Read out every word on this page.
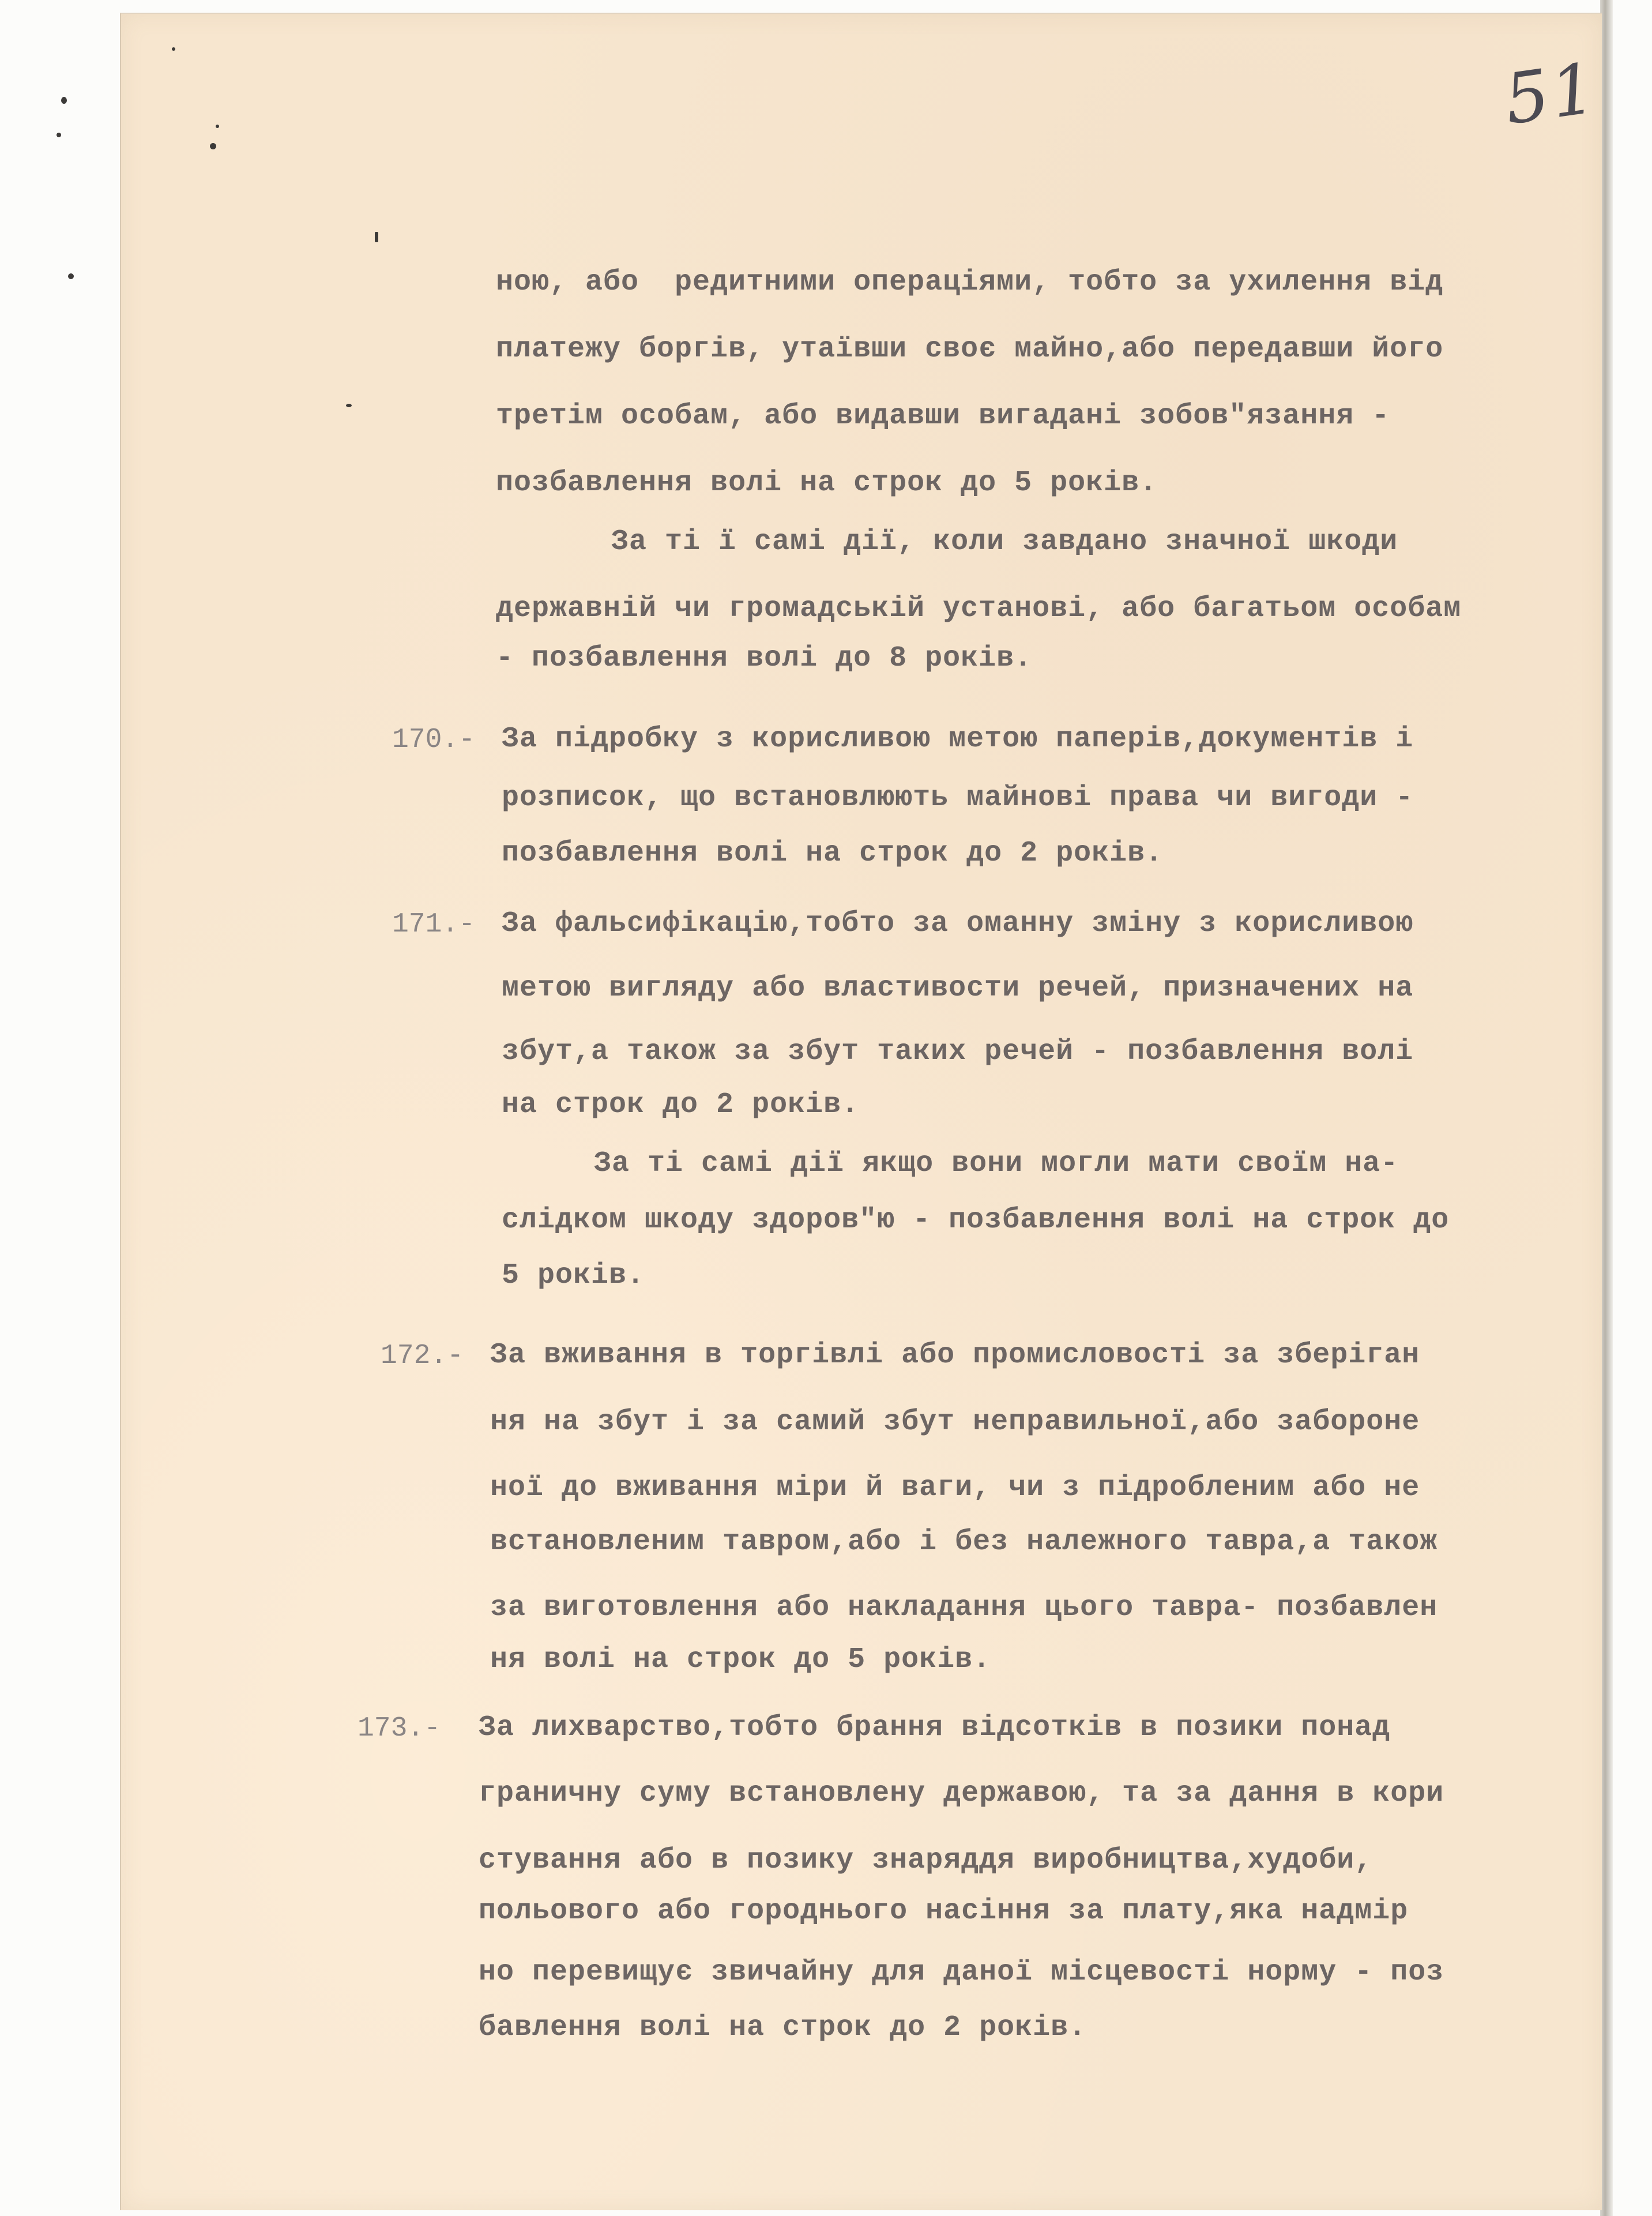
51
ною, або  редитними операціями, тобто за ухилення від
платежу боргів, утаївши своє майно,або передавши його
третім особам, або видавши вигадані зобов"язання -
позбавлення волі на строк до 5 років.
За ті ї самі дії, коли завдано значної шкоди
державній чи громадській установі, або багатьом особам
- позбавлення волі до 8 років.
170.- За підробку з корисливою метою паперів,документів і
розписок, що встановлюють майнові права чи вигоди -
позбавлення волі на строк до 2 років.
171.- За фальсифікацію,тобто за оманну зміну з корисливою
метою вигляду або властивости речей, призначених на
збут,а також за збут таких речей - позбавлення волі
на строк до 2 років.
За ті самі дії якщо вони могли мати своїм на-
слідком шкоду здоров"ю - позбавлення волі на строк до
5 років.
172.- За вживання в торгівлі або промисловості за зберіган
ня на збут і за самий збут неправильної,або забороне
ної до вживання міри й ваги, чи з підробленим або не
встановленим тавром,або і без належного тавра,а також
за виготовлення або накладання цього тавра- позбавлен
ня волі на строк до 5 років.
173.- За лихварство,тобто брання відсотків в позики понад
граничну суму встановлену державою, та за дання в кори
стування або в позику знаряддя виробництва,худоби,
польового або городнього насіння за плату,яка надмір
но перевищує звичайну для даної місцевості норму - поз
бавлення волі на строк до 2 років.
